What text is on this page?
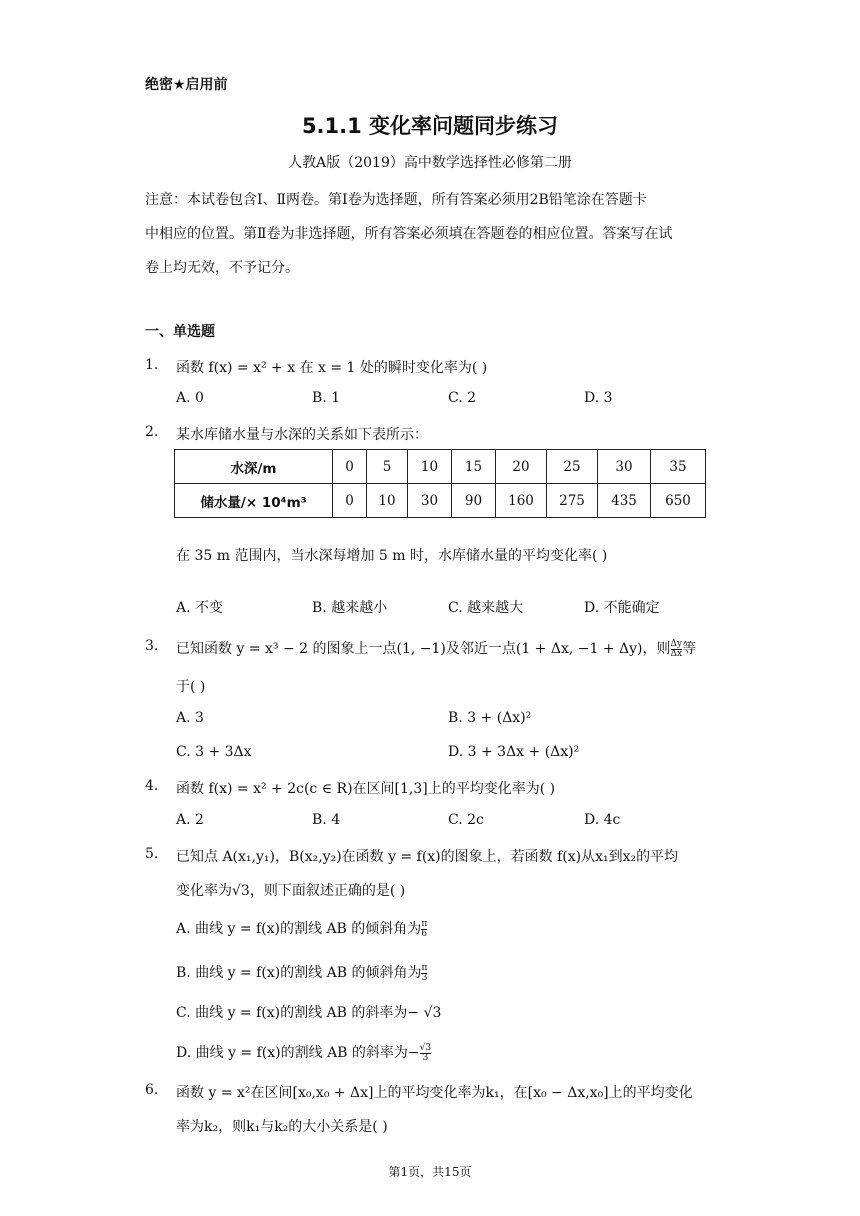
绝密★启用前
5.1.1 变化率问题同步练习
人教A版（2019）高中数学选择性必修第二册
注意：本试卷包含Ⅰ、Ⅱ两卷。第Ⅰ卷为选择题，所有答案必须用2B铅笔涂在答题卡
中相应的位置。第Ⅱ卷为非选择题，所有答案必须填在答题卷的相应位置。答案写在试
卷上均无效，不予记分。
一、单选题
1. 函数 f(x) = x² + x 在 x = 1 处的瞬时变化率为( )
A. 0	B. 1	C. 2	D. 3
2. 某水库储水量与水深的关系如下表所示：
水深/m	0	5	10	15	20	25	30	35
储水量/× 10⁴m³	0	10	30	90	160	275	435	650
在 35 m 范围内，当水深每增加 5 m 时，水库储水量的平均变化率( )
A. 不变	B. 越来越小	C. 越来越大	D. 不能确定
3. 已知函数 y = x³ − 2 的图象上一点(1, −1)及邻近一点(1 + Δx, −1 + Δy)，则 $\frac{\Delta y}{\Delta x}$ 等
于( )
A. 3	B. 3 + (Δx)²
C. 3 + 3Δx	D. 3 + 3Δx + (Δx)²
4. 函数 f(x) = x² + 2c(c ∈ R)在区间[1,3]上的平均变化率为( )
A. 2	B. 4	C. 2c	D. 4c
5. 已知点 A(x₁,y₁)，B(x₂,y₂)在函数 y = f(x)的图象上，若函数 f(x)从x₁到x₂的平均
变化率为√3，则下面叙述正确的是( )
A. 曲线 y = f(x)的割线 AB 的倾斜角为 $\frac{\pi}{6}$
B. 曲线 y = f(x)的割线 AB 的倾斜角为 $\frac{\pi}{3}$
C. 曲线 y = f(x)的割线 AB 的斜率为− √3
D. 曲线 y = f(x)的割线 AB 的斜率为− $\frac{√3}{3}$
6. 函数 y = x²在区间[x₀,x₀ + Δx]上的平均变化率为k₁，在[x₀ − Δx,x₀]上的平均变化
率为k₂，则k₁与k₂的大小关系是( )
第1页，共15页
